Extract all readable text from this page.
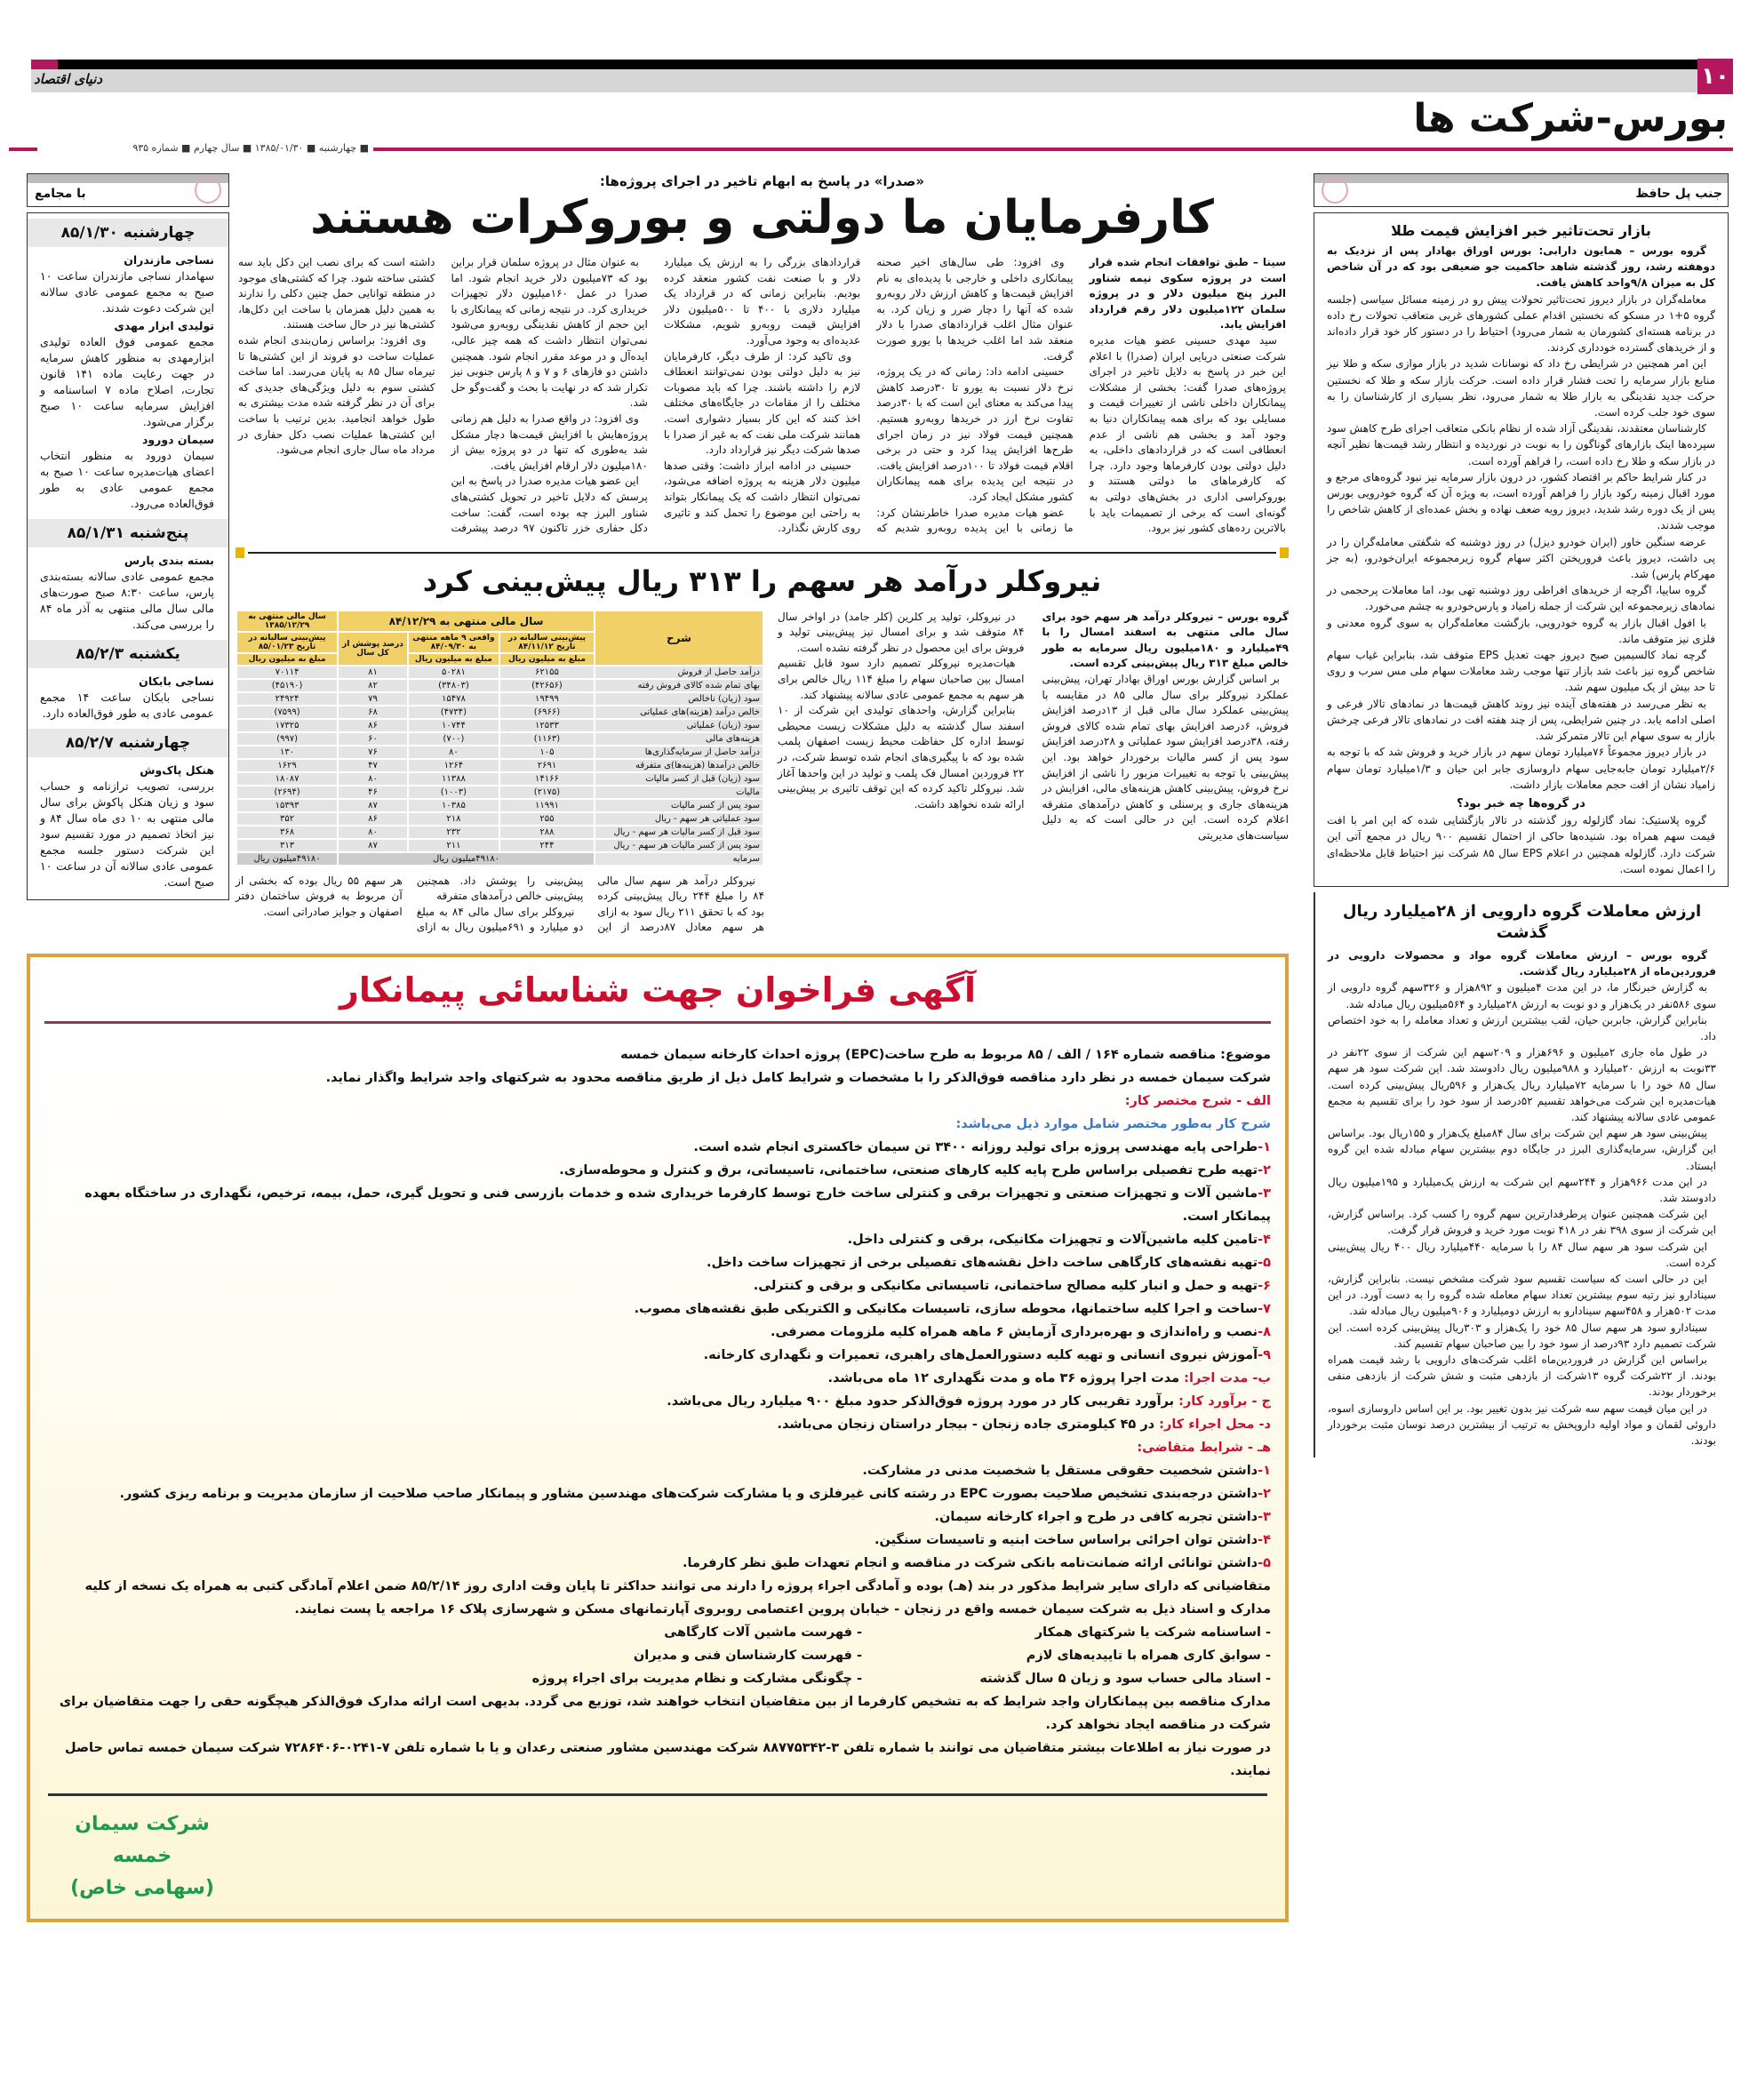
۱۰
دنیای اقتصاد
بورس-شرکت ها
■ چهارشنبه ■ ۱۳۸۵/۰۱/۳۰ ■ سال چهارم ■ شماره ۹۳۵
با مجامع
چهارشنبه ۸۵/۱/۳۰
نساجی مازندران
سهامدار نساجی مازندران ساعت ۱۰ صبح به مجمع عمومی عادی سالانه این شرکت دعوت شدند.
تولیدی ابزار مهدی
مجمع عمومی فوق العاده تولیدی ابزارمهدی به منظور کاهش سرمایه در جهت رعایت ماده ۱۴۱ قانون تجارت، اصلاح ماده ۷ اساسنامه و افزایش سرمایه ساعت ۱۰ صبح برگزار می‌شود.
سیمان دورود
سیمان دورود به منظور انتخاب اعضای هیات‌مدیره ساعت ۱۰ صبح به مجمع عمومی عادی به طور فوق‌العاده می‌رود.
پنج‌شنبه ۸۵/۱/۳۱
بسته بندی پارس
مجمع عمومی عادی سالانه بسته‌بندی پارس، ساعت ۸:۳۰ صبح صورت‌های مالی سال مالی منتهی به آذر ماه ۸۴ را بررسی می‌کند.
یکشنبه ۸۵/۲/۳
نساجی بابکان
نساجی بابکان ساعت ۱۴ مجمع عمومی عادی به طور فوق‌العاده دارد.
چهارشنبه ۸۵/۲/۷
هنکل پاک‌وش
بررسی، تصویب ترازنامه و حساب سود و زیان هنکل پاکوش برای سال مالی منتهی به ۱۰ دی ماه سال ۸۴ و نیز اتخاذ تصمیم در مورد تقسیم سود این شرکت دستور جلسه مجمع عمومی عادی سالانه آن در ساعت ۱۰ صبح است.
«صدرا» در پاسخ به ابهام تاخیر در اجرای پروژه‌ها:
کارفرمایان ما دولتی و بوروکرات هستند

سینا – طبق توافقات انجام شده قرار است در پروژه سکوی نیمه شناور البرز پنج میلیون دلار و در پروژه سلمان ۱۲۲میلیون دلار رقم قرارداد افزایش یابد.

سید مهدی حسینی عضو هیات مدیره شرکت صنعتی دریایی ایران (صدرا) با اعلام این خبر در پاسخ به دلایل تاخیر در اجرای پروژه‌های صدرا گفت: بخشی از مشکلات پیمانکاران داخلی ناشی از تغییرات قیمت و مسایلی بود که برای همه پیمانکاران دنیا به وجود آمد و بخشی هم ناشی از عدم انعطافی است که در قراردادهای داخلی، به دلیل دولتی بودن کارفرماها وجود دارد. چرا که کارفرماهای ما دولتی هستند و بوروکراسی اداری در بخش‌های دولتی به گونه‌ای است که برخی از تصمیمات باید با بالاترین رده‌های کشور نیز برود.

وی افزود: طی سال‌های اخیر صحنه پیمانکاری داخلی و خارجی با پدیده‌ای به نام افزایش قیمت‌ها و کاهش ارزش دلار روبه‌رو شده که آنها را دچار ضرر و زیان کرد. به عنوان مثال اغلب قراردادهای صدرا با دلار منعقد شد اما اغلب خریدها با یورو صورت گرفت.

حسینی ادامه داد: زمانی که در یک پروژه، نرخ دلار نسبت به یورو تا ۳۰درصد کاهش پیدا می‌کند به معنای این است که با ۳۰درصد تفاوت نرخ ارز در خریدها روبه‌رو هستیم. همچنین قیمت فولاد نیز در زمان اجرای طرح‌ها افزایش پیدا کرد و حتی در برخی اقلام قیمت فولاد تا ۱۰۰درصد افزایش یافت. در نتیجه این پدیده برای همه پیمانکاران کشور مشکل ایجاد کرد.

عضو هیات مدیره صدرا خاطرنشان کرد: ما زمانی با این پدیده روبه‌رو شدیم که قراردادهای بزرگی را به ارزش یک میلیارد دلار و با صنعت نفت کشور منعقد کرده بودیم. بنابراین زمانی که در قرارداد یک میلیارد دلاری با ۴۰۰ تا ۵۰۰میلیون دلار افزایش قیمت روبه‌رو شویم، مشکلات عدیده‌ای به وجود می‌آورد.

وی تاکید کرد: از طرف دیگر، کارفرمایان نیز به دلیل دولتی بودن نمی‌توانند انعطاف لازم را داشته باشند. چرا که باید مصوبات مختلف را از مقامات در جایگاه‌های مختلف اخذ کنند که این کار بسیار دشواری است. همانند شرکت ملی نفت که به غیر از صدرا با صدها شرکت دیگر نیز قرارداد دارد.

حسینی در ادامه ابراز داشت: وقتی صدها میلیون دلار هزینه به پروژه اضافه می‌شود، نمی‌توان انتظار داشت که یک پیمانکار بتواند به راحتی این موضوع را تحمل کند و تاثیری روی کارش نگذارد.

به عنوان مثال در پروژه سلمان قرار براین بود که ۷۳میلیون دلار خرید انجام شود. اما صدرا در عمل ۱۶۰میلیون دلار تجهیزات خریداری کرد. در نتیجه زمانی که پیمانکاری با این حجم از کاهش نقدینگی روبه‌رو می‌شود نمی‌توان انتظار داشت که همه چیز عالی، ایده‌آل و در موعد مقرر انجام شود. همچنین داشتن دو فاز‌های ۶ و ۷ و ۸ پارس جنوبی نیز تکرار شد که در نهایت با بحث و گفت‌وگو حل شد.

وی افزود: در واقع صدرا به دلیل هم زمانی پروژه‌هایش با افزایش قیمت‌ها دچار مشکل شد به‌طوری که تنها در دو پروژه بیش از ۱۸۰میلیون دلار ارقام افزایش یافت.

این عضو هیات مدیره صدرا در پاسخ به این پرسش که دلایل تاخیر در تحویل کشتی‌های شناور البرز چه بوده است، گفت: ساخت دکل حفاری خزر تاکنون ۹۷ درصد پیشرفت داشته است که برای نصب این دکل باید سه کشتی ساخته شود. چرا که کشتی‌های موجود در منطقه توانایی حمل چنین دکلی را ندارند به همین دلیل همزمان با ساخت این دکل‌ها، کشتی‌ها نیز در حال ساخت هستند.

وی افزود: براساس زمان‌بندی انجام شده عملیات ساخت دو فروند از این کشتی‌ها تا تیرماه سال ۸۵ به پایان می‌رسد. اما ساخت کشتی سوم به دلیل ویژگی‌های جدیدی که برای آن در نظر گرفته شده مدت بیشتری به طول خواهد انجامید. بدین ترتیب با ساخت این کشتی‌ها عملیات نصب دکل حفاری در مرداد ماه سال جاری انجام می‌شود.

نیروکلر درآمد هر سهم را ۳۱۳ ریال پیش‌بینی کرد
شرح	سال مالی منتهی به ۸۴/۱۲/۲۹			سال مالی منتهی به ۱۳۸۵/۱۲/۲۹
	پیش‌بینی سالیانه در تاریخ ۸۴/۱۱/۱۲	واقعی ۹ ماهه منتهی به ۸۴/۰۹/۳۰	درصد پوشش از کل سال	پیش‌بینی سالیانه در تاریخ ۸۵/۰۱/۲۳
	مبلغ به میلیون ریال	مبلغ به میلیون ریال		مبلغ به میلیون ریال
درآمد حاصل از فروش	۶۲۱۵۵	۵۰۲۸۱	۸۱	۷۰۱۱۴
بهای تمام شده کالای فروش رفته	(۴۲۶۵۶)	(۳۴۸۰۳)	۸۲	(۴۵۱۹۰)
سود (زیان) ناخالص	۱۹۴۹۹	۱۵۴۷۸	۷۹	۲۴۹۲۴
خالص درآمد (هزینه)های عملیاتی	(۶۹۶۶)	(۴۷۳۴)	۶۸	(۷۵۹۹)
سود (زیان) عملیاتی	۱۲۵۳۳	۱۰۷۴۴	۸۶	۱۷۳۲۵
هزینه‌های مالی	(۱۱۶۳)	(۷۰۰)	۶۰	(۹۹۷)
درآمد حاصل از سرمایه‌گذاری‌ها	۱۰۵	۸۰	۷۶	۱۳۰
خالص درآمدها (هزینه‌ها)ی متفرقه	۲۶۹۱	۱۲۶۴	۴۷	۱۶۲۹
سود (زیان) قبل از کسر مالیات	۱۴۱۶۶	۱۱۳۸۸	۸۰	۱۸۰۸۷
مالیات	(۲۱۷۵)	(۱۰۰۳)	۴۶	(۲۶۹۴)
سود پس از کسر مالیات	۱۱۹۹۱	۱۰۳۸۵	۸۷	۱۵۳۹۳
سود عملیاتی هر سهم - ریال	۲۵۵	۲۱۸	۸۶	۳۵۲
سود قبل از کسر مالیات هر سهم - ریال	۲۸۸	۲۳۲	۸۰	۳۶۸
سود پس از کسر مالیات هر سهم - ریال	۲۴۴	۲۱۱	۸۷	۳۱۳
سرمایه	۴۹۱۸۰میلیون ریال			۴۹۱۸۰میلیون ریال

نیروکلر درآمد هر سهم سال مالی ۸۴ را مبلغ ۲۴۴ ریال پیش‌بینی کرده بود که با تحقق ۲۱۱ ریال سود به ازای هر سهم معادل ۸۷درصد از این پیش‌بینی را پوشش داد. همچنین پیش‌بینی خالص درآمدهای متفرقه

نیروکلر برای سال مالی ۸۴ به مبلغ دو میلیارد و ۶۹۱میلیون ریال به ازای هر سهم ۵۵ ریال بوده که بخشی از آن مربوط به فروش ساختمان دفتر اصفهان و جوایز صادراتی است.

گروه بورس – نیروکلر درآمد هر سهم خود برای سال مالی منتهی به اسفند امسال را با ۴۹میلیارد و ۱۸۰میلیون ریال سرمایه به طور خالص مبلغ ۳۱۳ ریال پیش‌بینی کرده است.

بر اساس گزارش بورس اوراق بهادار تهران، پیش‌بینی عملکرد نیروکلر برای سال مالی ۸۵ در مقایسه با پیش‌بینی عملکرد سال مالی قبل از ۱۳درصد افزایش فروش، ۶درصد افزایش بهای تمام شده کالای فروش رفته، ۳۸درصد افزایش سود عملیاتی و ۲۸درصد افزایش سود پس از کسر مالیات برخوردار خواهد بود. این پیش‌بینی با توجه به تغییرات مزبور را ناشی از افزایش نرخ فروش، پیش‌بینی کاهش هزینه‌های مالی، افزایش در هزینه‌های جاری و پرسنلی و کاهش درآمدهای متفرقه اعلام کرده است. این در حالی است که به دلیل سیاست‌های مدیریتی

در نیروکلر، تولید پر کلرین (کلر جامد) در اواخر سال ۸۴ متوقف شد و برای امسال نیز پیش‌بینی تولید و فروش برای این محصول در نظر گرفته نشده است.

هیات‌مدیره نیروکلر تصمیم دارد سود قابل تقسیم امسال بین صاحبان سهام را مبلغ ۱۱۴ ریال خالص برای هر سهم به مجمع عمومی عادی سالانه پیشنهاد کند.

بنابراین گزارش، واحدهای تولیدی این شرکت از ۱۰ اسفند سال گذشته به دلیل مشکلات زیست محیطی توسط اداره کل حفاظت محیط زیست اصفهان پلمب شده بود که با پیگیری‌های انجام شده توسط شرکت، در ۲۲ فروردین امسال فک پلمب و تولید در این واحدها آغاز شد. نیروکلر تاکید کرده که این توقف تاثیری بر پیش‌بینی ارائه شده نخواهد داشت.

آگهی فراخوان جهت شناسائی پیمانکار

موضوع: مناقصه شماره ۱۶۴ / الف / ۸۵ مربوط به طرح ساخت(EPC) پروژه احداث کارخانه سیمان خمسه

شرکت سیمان خمسه در نظر دارد مناقصه فوق‌الذکر را با مشخصات و شرایط کامل ذیل از طریق مناقصه محدود به شرکتهای واجد شرایط واگذار نماید.

الف - شرح مختصر کار:

شرح کار به‌طور مختصر شامل موارد ذیل می‌باشد:

۱-طراحی پایه مهندسی پروژه برای تولید روزانه ۳۴۰۰ تن سیمان خاکستری انجام شده است.

۲-تهیه طرح تفصیلی براساس طرح پایه کلیه کارهای صنعتی، ساختمانی، تاسیساتی، برق و کنترل و محوطه‌سازی.

۳-ماشین آلات و تجهیزات صنعتی و تجهیزات برقی و کنترلی ساخت خارج توسط کارفرما خریداری شده و خدمات بازرسی فنی و تحویل گیری، حمل، بیمه، ترخیص، نگهداری در ساختگاه بعهده پیمانکار است.

۴-تامین کلیه ماشین‌آلات و تجهیزات مکانیکی، برقی و کنترلی داخل.

۵-تهیه نقشه‌های کارگاهی ساخت داخل نقشه‌های تفصیلی برخی از تجهیزات ساخت داخل.

۶-تهیه و حمل و انبار کلیه مصالح ساختمانی، تاسیساتی مکانیکی و برقی و کنترلی.

۷-ساخت و اجرا کلیه ساختمانها، محوطه سازی، تاسیسات مکانیکی و الکتریکی طبق نقشه‌های مصوب.

۸-نصب و راه‌اندازی و بهره‌برداری آزمایش ۶ ماهه همراه کلیه ملزومات مصرفی.

۹-آموزش نیروی انسانی و تهیه کلیه دستورالعمل‌های راهبری، تعمیرات و نگهداری کارخانه.

ب- مدت اجرا: مدت اجرا پروژه ۳۶ ماه و مدت نگهداری ۱۲ ماه می‌باشد.

ج - برآورد کار: برآورد تقریبی کار در مورد پروژه فوق‌الذکر حدود مبلغ ۹۰۰ میلیارد ریال می‌باشد.

د- محل اجراء کار: در ۴۵ کیلومتری جاده زنجان - بیجار دراستان زنجان می‌باشد.

هـ - شرایط متقاضی:

۱-داشتن شخصیت حقوقی مستقل یا شخصیت مدنی در مشارکت.

۲-داشتن درجه‌بندی تشخیص صلاحیت بصورت EPC در رشته کانی غیرفلزی و یا مشارکت شرکت‌های مهندسین مشاور و پیمانکار صاحب صلاحیت از سازمان مدیریت و برنامه ریزی کشور.

۳-داشتن تجربه کافی در طرح و اجراء کارخانه سیمان.

۴-داشتن توان اجرائی براساس ساخت ابنیه و تاسیسات سنگین.

۵-داشتن توانائی ارائه ضمانت‌نامه بانکی شرکت در مناقصه و انجام تعهدات طبق نظر کارفرما.

متقاضیانی که دارای سایر شرایط مذکور در بند (هـ) بوده و آمادگی اجراء پروژه را دارند می توانند حداکثر تا پایان وقت اداری روز ۸۵/۲/۱۴ ضمن اعلام آمادگی کتبی به همراه یک نسخه از کلیه مدارک و اسناد ذیل به شرکت سیمان خمسه واقع در زنجان - خیابان پروین اعتصامی روبروی آپارتمانهای مسکن و شهرسازی پلاک ۱۶ مراجعه یا پست نمایند.

- اساسنامه شرکت یا شرکتهای همکار
- فهرست ماشین آلات کارگاهی

- سوابق کاری همراه با تاییدیه‌های لازم
- فهرست کارشناسان فنی و مدیران

- اسناد مالی حساب سود و زیان ۵ سال گذشته
- چگونگی مشارکت و نظام مدیریت برای اجراء پروژه

مدارک مناقصه بین پیمانکاران واجد شرایط که به تشخیص کارفرما از بین متقاضیان انتخاب خواهند شد، توزیع می گردد. بدیهی است ارائه مدارک فوق‌الذکر هیچگونه حقی را جهت متقاضیان برای شرکت در مناقصه ایجاد نخواهد کرد.

در صورت نیاز به اطلاعات بیشتر متقاضیان می توانند با شماره تلفن ۳-۸۸۷۷۵۳۴۲ شرکت مهندسین مشاور صنعتی رعدان و یا با شماره تلفن ۷-۰۲۴۱-۷۲۸۶۴۰۶ شرکت سیمان خمسه تماس حاصل نمایند.

شرکت سیمان خمسه
(سهامی خاص)
جنب پل حافظ
بازار تحت‌تاثیر خبر افزایش قیمت طلا

گروه بورس – همایون دارابی: بورس اوراق بهادار پس از نزدیک به دوهفته رشد، روز گذشته شاهد حاکمیت جو ضعیفی بود که در آن شاخص کل به میزان ۹/۸واحد کاهش یافت.

معامله‌گران در بازار دیروز تحت‌تاثیر تحولات پیش رو در زمینه مسائل سیاسی (جلسه گروه ۵+۱ در مسکو که نخستین اقدام عملی کشورهای غربی متعاقب تحولات رخ داده در برنامه هسته‌ای کشورمان به شمار می‌رود) احتیاط را در دستور کار خود قرار داده‌اند و از خریدهای گسترده خودداری کردند.

این امر همچنین در شرایطی رخ داد که نوسانات شدید در بازار موازی سکه و طلا نیز منابع بازار سرمایه را تحت فشار قرار داده است. حرکت بازار سکه و طلا که نخستین حرکت جدید نقدینگی به بازار طلا به شمار می‌رود، نظر بسیاری از کارشناسان را به سوی خود جلب کرده است.

کارشناسان معتقدند، نقدینگی آزاد شده از نظام بانکی متعاقب اجرای طرح کاهش سود سپرده‌ها اینک بازارهای گوناگون را به نوبت در نوردیده و انتظار رشد قیمت‌ها نظیر آنچه در بازار سکه و طلا رخ داده است، را فراهم آورده است.

در کنار شرایط حاکم بر اقتصاد کشور، در درون بازار سرمایه نیز نبود گروه‌های مرجع و مورد اقبال زمینه رکود بازار را فراهم آورده است، به ویژه آن که گروه خودرویی بورس پس از یک دوره رشد شدید، دیروز رویه ضعف نهاده و بخش عمده‌ای از کاهش شاخص را موجب شدند.

عرضه سنگین خاور (ایران خودرو دیزل) در روز دوشنبه که شگفتی معامله‌گران را در پی داشت، دیروز باعث فروریختن اکثر سهام گروه زیرمجموعه ایران‌خودرو، (به جز مهرکام پارس) شد.

گروه سایپا، اگرچه از خریدهای افراطی روز دوشنبه تهی بود، اما معاملات پرحجمی در نمادهای زیرمجموعه این شرکت از جمله زامیاد و پارس‌خودرو به چشم می‌خورد.

با افول اقبال بازار به گروه خودرویی، بازگشت معامله‌گران به سوی گروه معدنی و فلزی نیز متوقف ماند.

گرچه نماد کالسیمین صبح دیروز جهت تعدیل EPS متوقف شد، بنابراین غیاب سهام شاخص گروه نیز باعث شد بازار تنها موجب رشد معاملات سهام ملی مس سرب و روی تا حد بیش از یک میلیون سهم شد.

به نظر می‌رسد در هفته‌های آینده نیز روند کاهش قیمت‌ها در نمادهای تالار فرعی و اصلی ادامه یابد. در چنین شرایطی، پس از چند هفته افت در نمادهای تالار فرعی چرخش بازار به سوی سهام این تالار متمرکز شد.

در بازار دیروز مجموعاً ۷۶میلیارد تومان سهم در بازار خرید و فروش شد که با توجه به ۲/۶میلیارد تومان جابه‌جایی سهام داروسازی جابر ابن حیان و ۱/۳میلیارد تومان سهام زامیاد نشان از افت حجم معاملات بازار داشت.

در گروه‌ها چه خبر بود؟

گروه پلاستیک: نماد گازلوله روز گذشته در تالار بازگشایی شده که این امر با افت قیمت سهم همراه بود. شنیده‌ها حاکی از احتمال تقسیم ۹۰۰ ریال در مجمع آتی این شرکت دارد. گازلوله همچنین در اعلام EPS سال ۸۵ شرکت نیز احتیاط قابل ملاحظه‌ای را اعمال نموده است.

ارزش معاملات گروه دارویی از ۲۸میلیارد ریال گذشت

گروه بورس – ارزش معاملات گروه مواد و محصولات دارویی در فروردین‌ماه از ۲۸میلیارد ریال گذشت.

به گزارش خبرنگار ما، در این مدت ۴میلیون و ۸۹۲هزار و ۳۲۶سهم گروه دارویی از سوی ۵۸۶نفر در یک‌هزار و دو نوبت به ارزش ۲۸میلیارد و ۵۶۴میلیون ریال مبادله شد.

بنابراین گزارش، جابربن حیان، لقب بیشترین ارزش و تعداد معامله را به خود اختصاص داد.

در طول ماه جاری ۲میلیون و ۶۹۶هزار و ۲۰۹سهم این شرکت از سوی ۲۲نفر در ۳۳نوبت به ارزش ۲۰میلیارد و ۹۸۸میلیون ریال دادوستد شد. این شرکت سود هر سهم سال ۸۵ خود را با سرمایه ۷۲میلیارد ریال یک‌هزار و ۵۹۶ریال پیش‌بینی کرده است. هیات‌مدیره این شرکت می‌خواهد تقسیم ۵۲درصد از سود خود را برای تقسیم به مجمع عمومی عادی سالانه پیشنهاد کند.

پیش‌بینی سود هر سهم این شرکت برای سال ۸۴مبلغ یک‌هزار و ۱۵۵ریال بود. براساس این گزارش، سرمایه‌گذاری البرز در جایگاه دوم بیشترین سهام مبادله شده این گروه ایستاد.

در این مدت ۹۶۶هزار و ۲۴۴سهم این شرکت به ارزش یک‌میلیارد و ۱۹۵میلیون ریال دادوستد شد.

این شرکت همچنین عنوان پرطرفدارترین سهم گروه را کسب کرد. براساس گزارش، این شرکت از سوی ۳۹۸ نفر در ۴۱۸ نوبت مورد خرید و فروش قرار گرفت.

این شرکت سود هر سهم سال ۸۴ را با سرمایه ۴۴۰میلیارد ریال ۴۰۰ ریال پیش‌بینی کرده است.

این در حالی است که سیاست تقسیم سود شرکت مشخص نیست. بنابراین گزارش، سینادارو نیز رتبه سوم بیشترین تعداد سهام معامله شده گروه را به دست آورد. در این مدت ۵۰۲هزار و ۴۵۸سهم سینادارو به ارزش دومیلیارد و ۹۰۶میلیون ریال مبادله شد.

سینادارو سود هر سهم سال ۸۵ خود را یک‌هزار و ۳۰۳ریال پیش‌بینی کرده است. این شرکت تصمیم دارد ۹۳درصد از سود خود را بین صاحبان سهام تقسیم کند.

براساس این گزارش در فروردین‌ماه اغلب شرکت‌های دارویی با رشد قیمت همراه بودند. از ۲۲شرکت گروه ۱۳شرکت از بازدهی مثبت و شش شرکت از بازدهی منفی برخوردار بودند.

در این میان قیمت سهم سه شرکت نیز بدون تغییر بود. بر این اساس داروسازی اسوه، داروئی لقمان و مواد اولیه داروپخش به ترتیب از بیشترین درصد نوسان مثبت برخوردار بودند.
